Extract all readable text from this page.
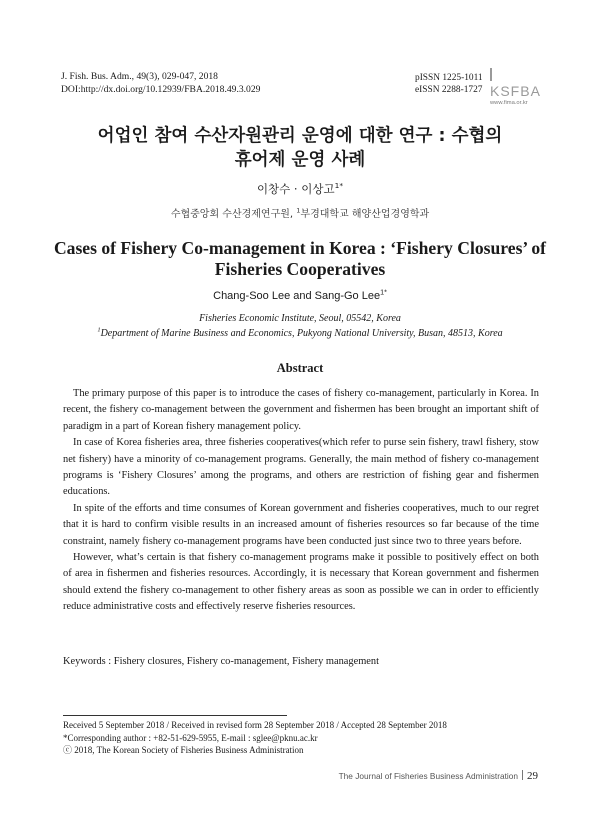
J. Fish. Bus. Adm., 49(3), 029-047, 2018
DOI:http://dx.doi.org/10.12939/FBA.2018.49.3.029
pISSN 1225-1011
eISSN 2288-1727 KSFBA
www.fima.or.kr
어업인 참여 수산자원관리 운영에 대한 연구 : 수협의
휴어제 운영 사례
이창수 · 이상고$^{1*}$
수협중앙회 수산경제연구원, $^1$부경대학교 해양산업경영학과
Cases of Fishery Co-management in Korea : ‘Fishery Closures’ of
Fisheries Cooperatives
Chang-Soo Lee and Sang-Go Lee$^{1*}$
Fisheries Economic Institute, Seoul, 05542, Korea
$^1$Department of Marine Business and Economics, Pukyong National University, Busan, 48513, Korea
Abstract

The primary purpose of this paper is to introduce the cases of fishery co-management, particularly in Korea. In recent, the fishery co-management between the government and fishermen has been brought an important shift of paradigm in a part of Korean fishery management policy.

In case of Korea fisheries area, three fisheries cooperatives(which refer to purse sein fishery, trawl fishery, stow net fishery) have a minority of co-management programs. Generally, the main method of fishery co-management programs is ‘Fishery Closures’ among the programs, and others are restriction of fishing gear and fishermen educations.

In spite of the efforts and time consumes of Korean government and fisheries cooperatives, much to our regret that it is hard to confirm visible results in an increased amount of fisheries resources so far because of the time constraint, namely fishery co-management programs have been conducted just since two to three years before.

However, what’s certain is that fishery co-management programs make it possible to positively effect on both of area in fishermen and fisheries resources. Accordingly, it is necessary that Korean government and fishermen should extend the fishery co-management to other fishery areas as soon as possible we can in order to efficiently reduce administrative costs and effectively reserve fisheries resources.

Keywords : Fishery closures, Fishery co-management, Fishery management
Received 5 September 2018 / Received in revised form 28 September 2018 / Accepted 28 September 2018
*Corresponding author : +82-51-629-5955, E-mail : sglee@pknu.ac.kr
ⓒ 2018, The Korean Society of Fisheries Business Administration
The Journal of Fisheries Business Administration 29
